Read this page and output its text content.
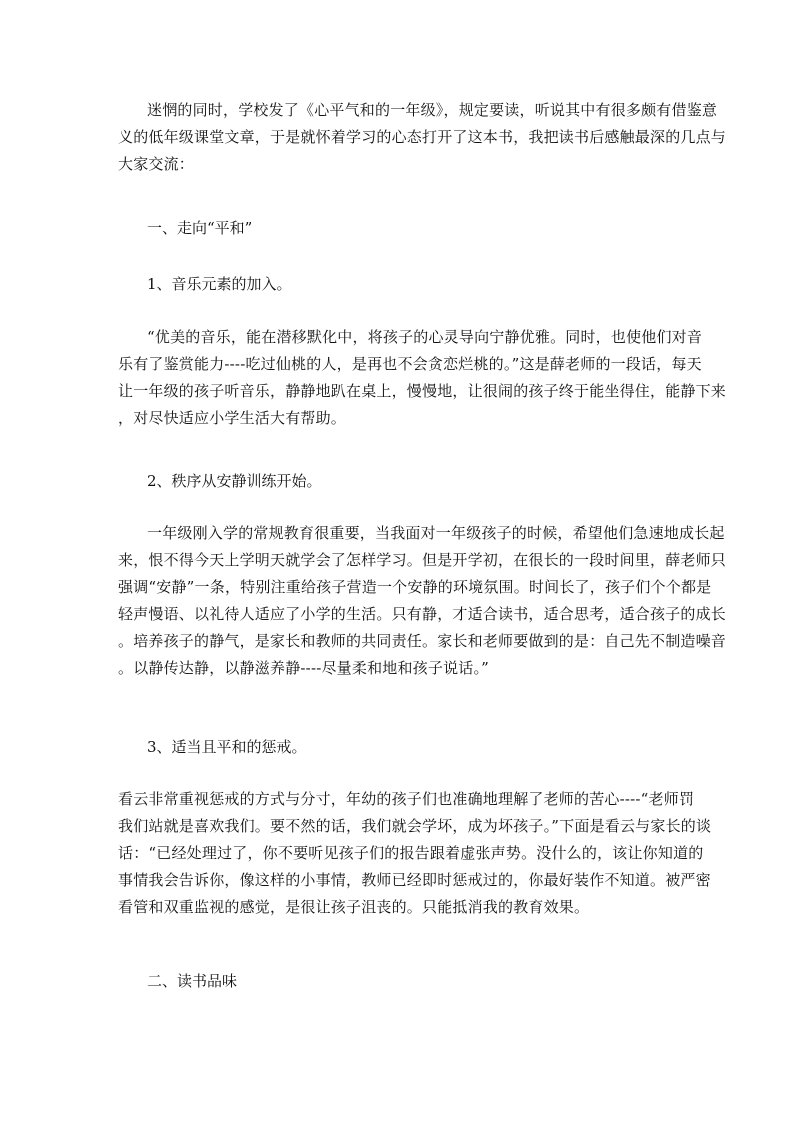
迷惘的同时，学校发了《心平气和的一年级》，规定要读，听说其中有很多颇有借鉴意
义的低年级课堂文章，于是就怀着学习的心态打开了这本书，我把读书后感触最深的几点与
大家交流：
一、走向“平和”
1、音乐元素的加入。
“优美的音乐，能在潜移默化中，将孩子的心灵导向宁静优雅。同时，也使他们对音
乐有了鉴赏能力----吃过仙桃的人，是再也不会贪恋烂桃的。”这是薛老师的一段话，每天
让一年级的孩子听音乐，静静地趴在桌上，慢慢地，让很闹的孩子终于能坐得住，能静下来
，对尽快适应小学生活大有帮助。
2、秩序从安静训练开始。
一年级刚入学的常规教育很重要，当我面对一年级孩子的时候，希望他们急速地成长起
来，恨不得今天上学明天就学会了怎样学习。但是开学初，在很长的一段时间里，薛老师只
强调“安静”一条，特别注重给孩子营造一个安静的环境氛围。时间长了，孩子们个个都是
轻声慢语、以礼待人适应了小学的生活。只有静，才适合读书，适合思考，适合孩子的成长
。培养孩子的静气，是家长和教师的共同责任。家长和老师要做到的是：自己先不制造噪音
。以静传达静，以静滋养静----尽量柔和地和孩子说话。”
3、适当且平和的惩戒。
看云非常重视惩戒的方式与分寸，年幼的孩子们也准确地理解了老师的苦心----“老师罚
我们站就是喜欢我们。要不然的话，我们就会学坏，成为坏孩子。”下面是看云与家长的谈
话：“已经处理过了，你不要听见孩子们的报告跟着虚张声势。没什么的，该让你知道的
事情我会告诉你，像这样的小事情，教师已经即时惩戒过的，你最好装作不知道。被严密
看管和双重监视的感觉，是很让孩子沮丧的。只能抵消我的教育效果。
二、读书品味
